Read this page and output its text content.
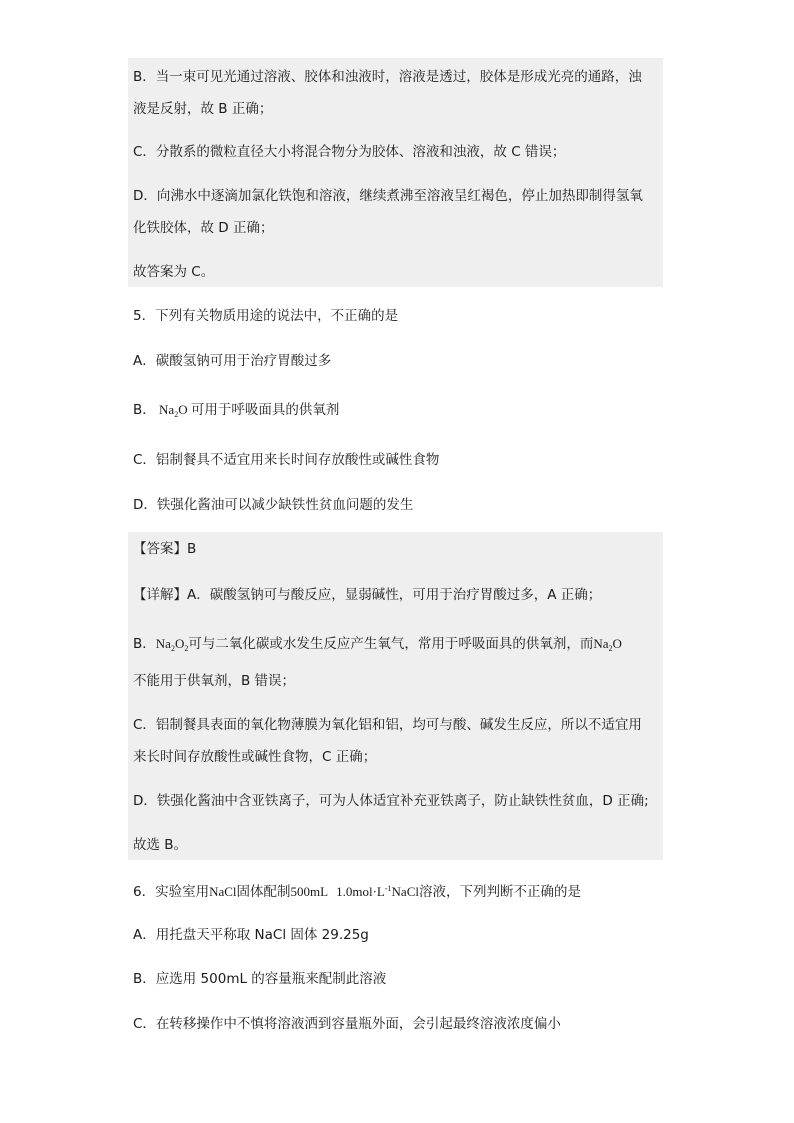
B．当一束可见光通过溶液、胶体和浊液时，溶液是透过，胶体是形成光亮的通路，浊
液是反射，故 B 正确；
C．分散系的微粒直径大小将混合物分为胶体、溶液和浊液，故 C 错误；
D．向沸水中逐滴加氯化铁饱和溶液，继续煮沸至溶液呈红褐色，停止加热即制得氢氧
化铁胶体，故 D 正确；
故答案为 C。
5．下列有关物质用途的说法中，不正确的是
A．碳酸氢钠可用于治疗胃酸过多
B． $Na_2O$ 可用于呼吸面具的供氧剂
C．铝制餐具不适宜用来长时间存放酸性或碱性食物
D．铁强化酱油可以减少缺铁性贫血问题的发生
【答案】B
【详解】A．碳酸氢钠可与酸反应，显弱碱性，可用于治疗胃酸过多，A 正确；
B．$Na_2O_2$可与二氧化碳或水发生反应产生氧气，常用于呼吸面具的供氧剂，而$Na_2O$
不能用于供氧剂，B 错误；
C．铝制餐具表面的氧化物薄膜为氧化铝和铝，均可与酸、碱发生反应，所以不适宜用
来长时间存放酸性或碱性食物，C 正确；
D．铁强化酱油中含亚铁离子，可为人体适宜补充亚铁离子，防止缺铁性贫血，D 正确;
故选 B。
6．实验室用NaCl固体配制500mL $1.0mol\cdot L^{-1}NaCl$溶液，下列判断不正确的是
A．用托盘天平称取 NaCl 固体 29.25g
B．应选用 500mL 的容量瓶来配制此溶液
C．在转移操作中不慎将溶液洒到容量瓶外面，会引起最终溶液浓度偏小
